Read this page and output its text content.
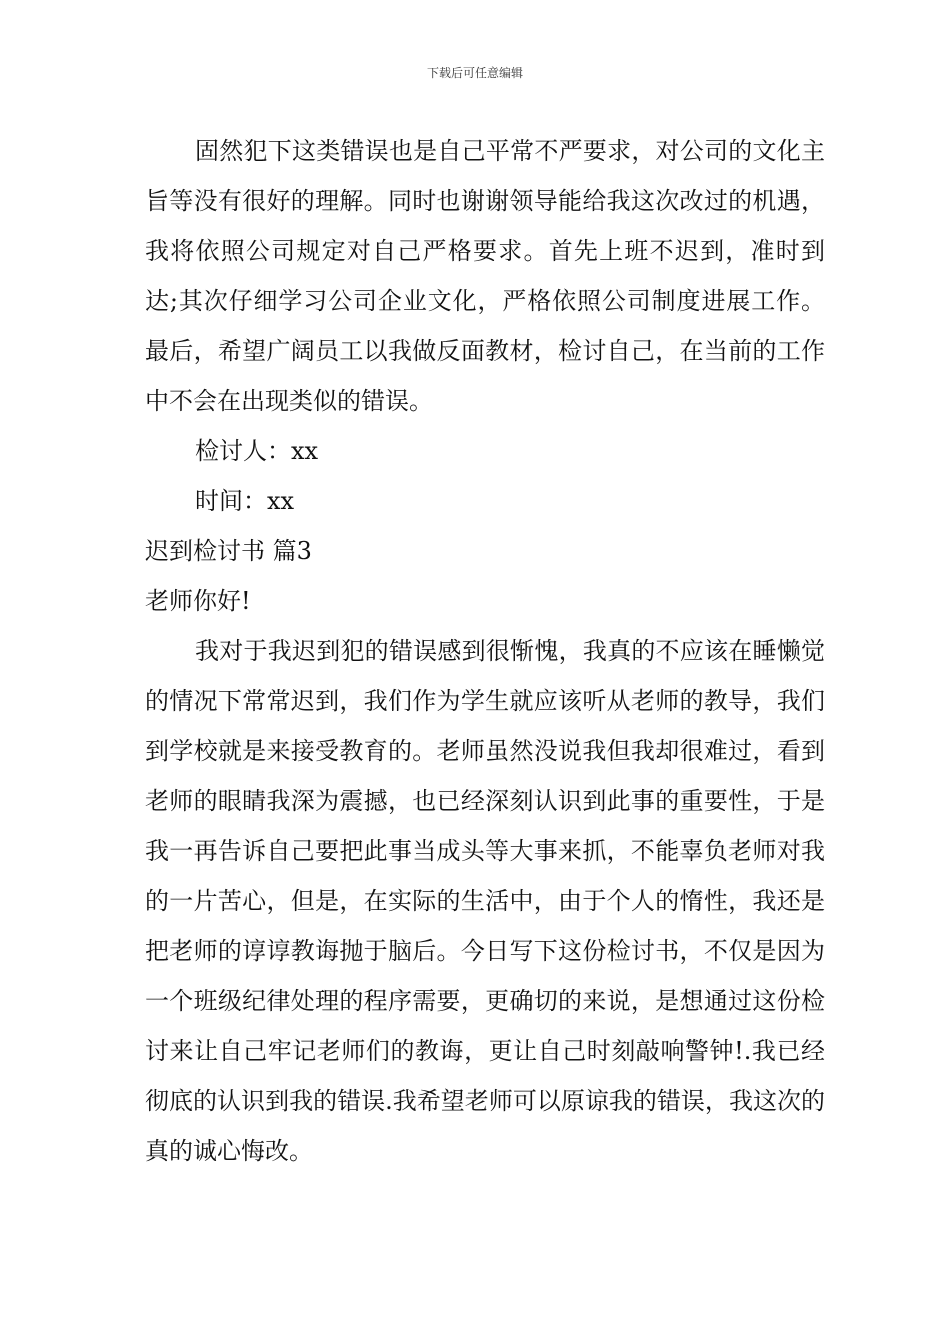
下载后可任意编辑

固然犯下这类错误也是自己平常不严要求，对公司的文化主旨等没有很好的理解。同时也谢谢领导能给我这次改过的机遇，我将依照公司规定对自己严格要求。首先上班不迟到，准时到达;其次仔细学习公司企业文化，严格依照公司制度进展工作。最后，希望广阔员工以我做反面教材，检讨自己，在当前的工作中不会在出现类似的错误。

检讨人：xx

时间：xx

迟到检讨书 篇3

老师你好!

我对于我迟到犯的错误感到很惭愧，我真的不应该在睡懒觉的情况下常常迟到，我们作为学生就应该听从老师的教导，我们到学校就是来接受教育的。老师虽然没说我但我却很难过，看到老师的眼睛我深为震撼，也已经深刻认识到此事的重要性，于是我一再告诉自己要把此事当成头等大事来抓，不能辜负老师对我的一片苦心，但是，在实际的生活中，由于个人的惰性，我还是把老师的谆谆教诲抛于脑后。今日写下这份检讨书，不仅是因为一个班级纪律处理的程序需要，更确切的来说，是想通过这份检讨来让自己牢记老师们的教诲，更让自己时刻敲响警钟!.我已经彻底的认识到我的错误.我希望老师可以原谅我的错误，我这次的真的诚心悔改。
